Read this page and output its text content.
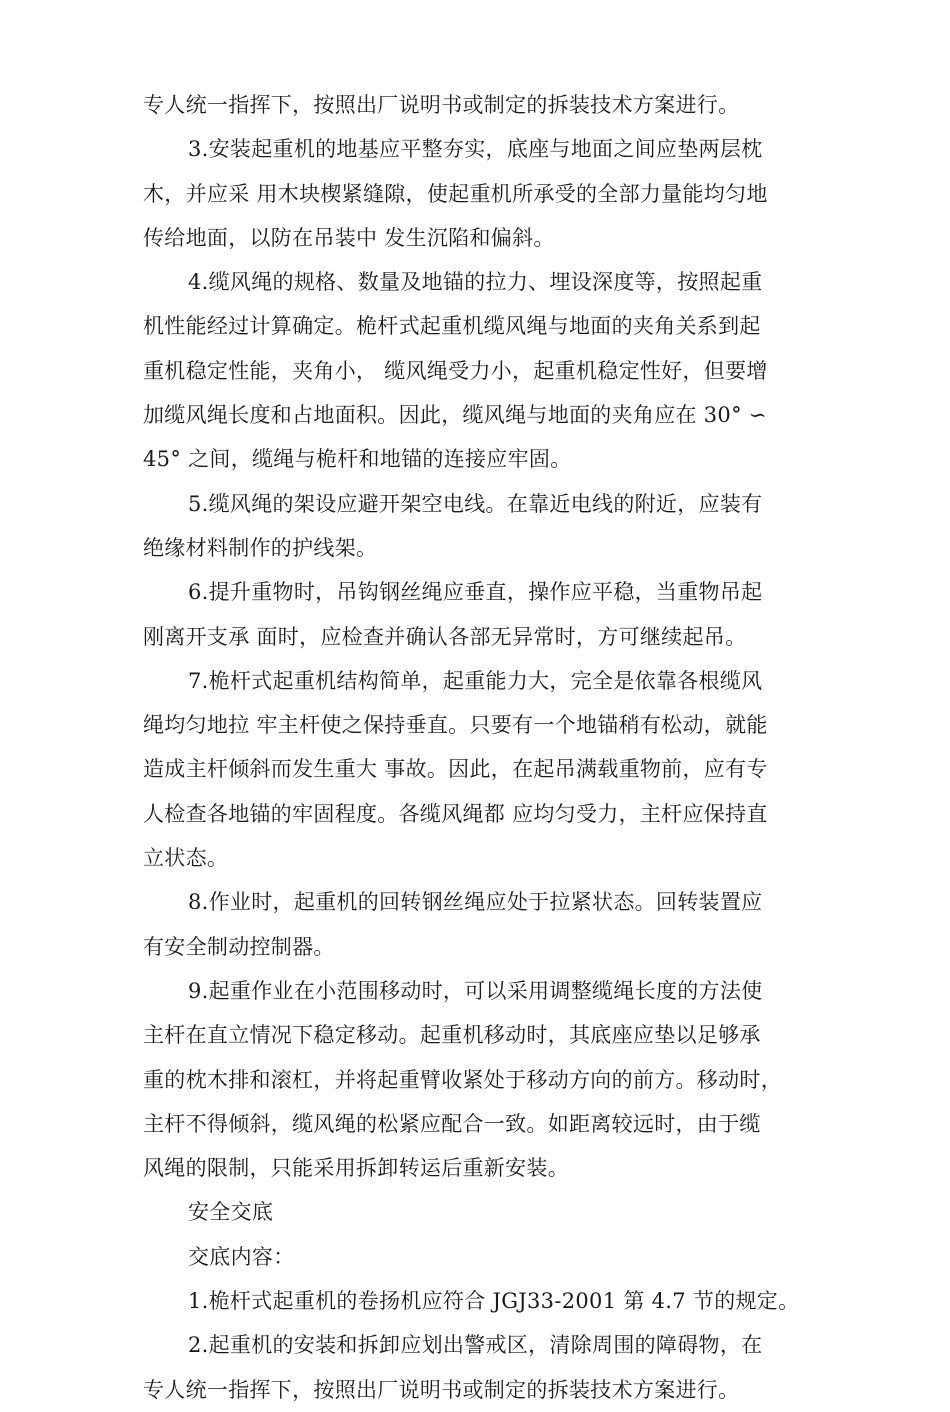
专人统一指挥下，按照出厂说明书或制定的拆装技术方案进行。
3.安装起重机的地基应平整夯实，底座与地面之间应垫两层枕
木，并应采 用木块楔紧缝隙，使起重机所承受的全部力量能均匀地
传给地面，以防在吊装中 发生沉陷和偏斜。
4.缆风绳的规格、数量及地锚的拉力、埋设深度等，按照起重
机性能经过计算确定。桅杆式起重机缆风绳与地面的夹角关系到起
重机稳定性能，夹角小， 缆风绳受力小，起重机稳定性好，但要增
加缆风绳长度和占地面积。因此，缆风绳与地面的夹角应在 30° ∽
45° 之间，缆绳与桅杆和地锚的连接应牢固。
5.缆风绳的架设应避开架空电线。在靠近电线的附近，应装有
绝缘材料制作的护线架。
6.提升重物时，吊钩钢丝绳应垂直，操作应平稳，当重物吊起
刚离开支承 面时，应检查并确认各部无异常时，方可继续起吊。
7.桅杆式起重机结构简单，起重能力大，完全是依靠各根缆风
绳均匀地拉 牢主杆使之保持垂直。只要有一个地锚稍有松动，就能
造成主杆倾斜而发生重大 事故。因此，在起吊满载重物前，应有专
人检查各地锚的牢固程度。各缆风绳都 应均匀受力，主杆应保持直
立状态。
8.作业时，起重机的回转钢丝绳应处于拉紧状态。回转装置应
有安全制动控制器。
9.起重作业在小范围移动时，可以采用调整缆绳长度的方法使
主杆在直立情况下稳定移动。起重机移动时，其底座应垫以足够承
重的枕木排和滚杠，并将起重臂收紧处于移动方向的前方。移动时，
主杆不得倾斜，缆风绳的松紧应配合一致。如距离较远时，由于缆
风绳的限制，只能采用拆卸转运后重新安装。
安全交底
交底内容：
1.桅杆式起重机的卷扬机应符合 JGJ33-2001 第 4.7 节的规定。
2.起重机的安装和拆卸应划出警戒区，清除周围的障碍物，在
专人统一指挥下，按照出厂说明书或制定的拆装技术方案进行。
